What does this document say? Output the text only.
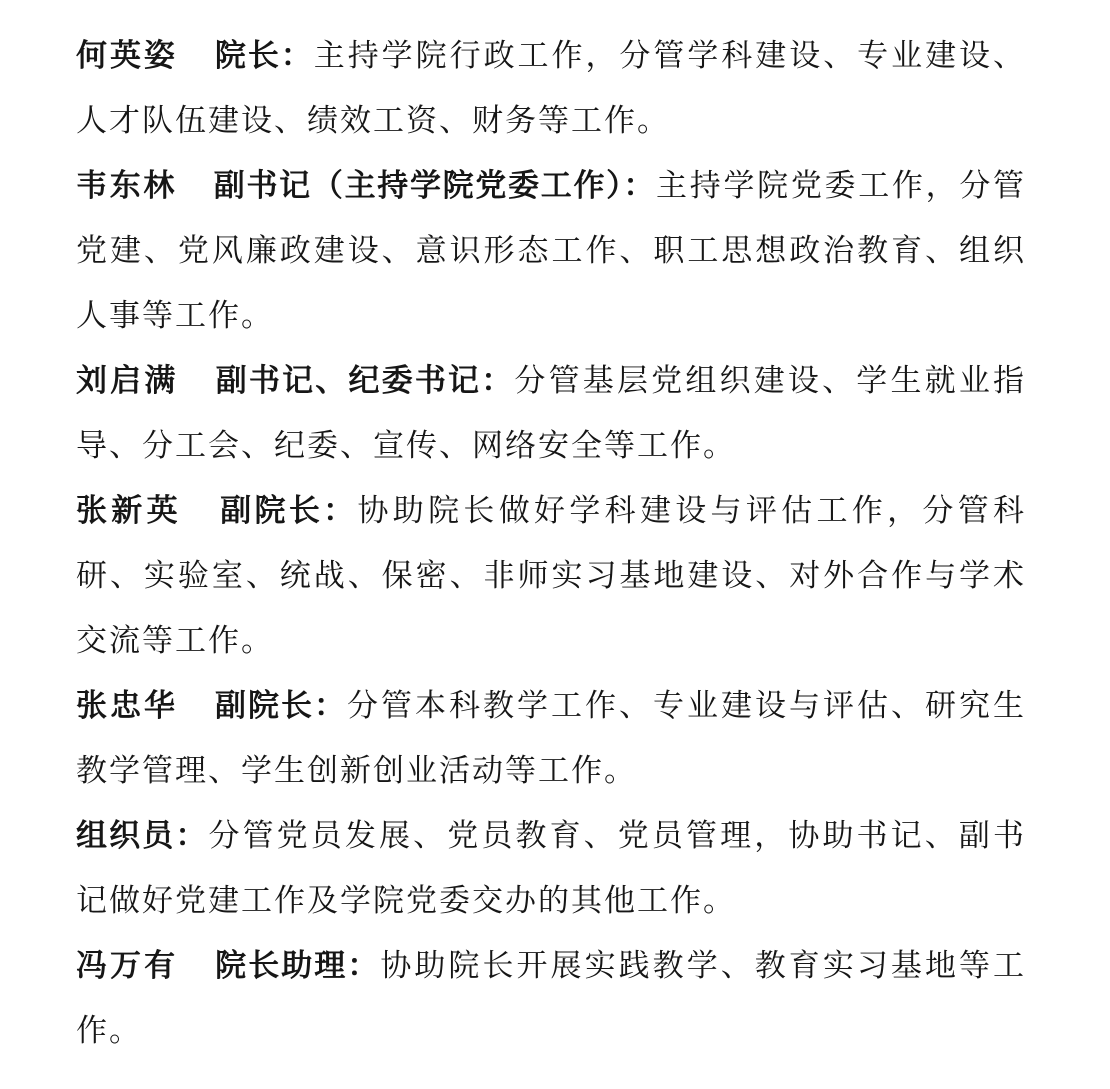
何英姿 院长：主持学院行政工作，分管学科建设、专业建设、人才队伍建设、绩效工资、财务等工作。

韦东林 副书记（主持学院党委工作）：主持学院党委工作，分管党建、党风廉政建设、意识形态工作、职工思想政治教育、组织人事等工作。

刘启满 副书记、纪委书记：分管基层党组织建设、学生就业指导、分工会、纪委、宣传、网络安全等工作。

张新英 副院长：协助院长做好学科建设与评估工作，分管科研、实验室、统战、保密、非师实习基地建设、对外合作与学术交流等工作。

张忠华 副院长：分管本科教学工作、专业建设与评估、研究生教学管理、学生创新创业活动等工作。

组织员：分管党员发展、党员教育、党员管理，协助书记、副书记做好党建工作及学院党委交办的其他工作。

冯万有 院长助理：协助院长开展实践教学、教育实习基地等工作。
